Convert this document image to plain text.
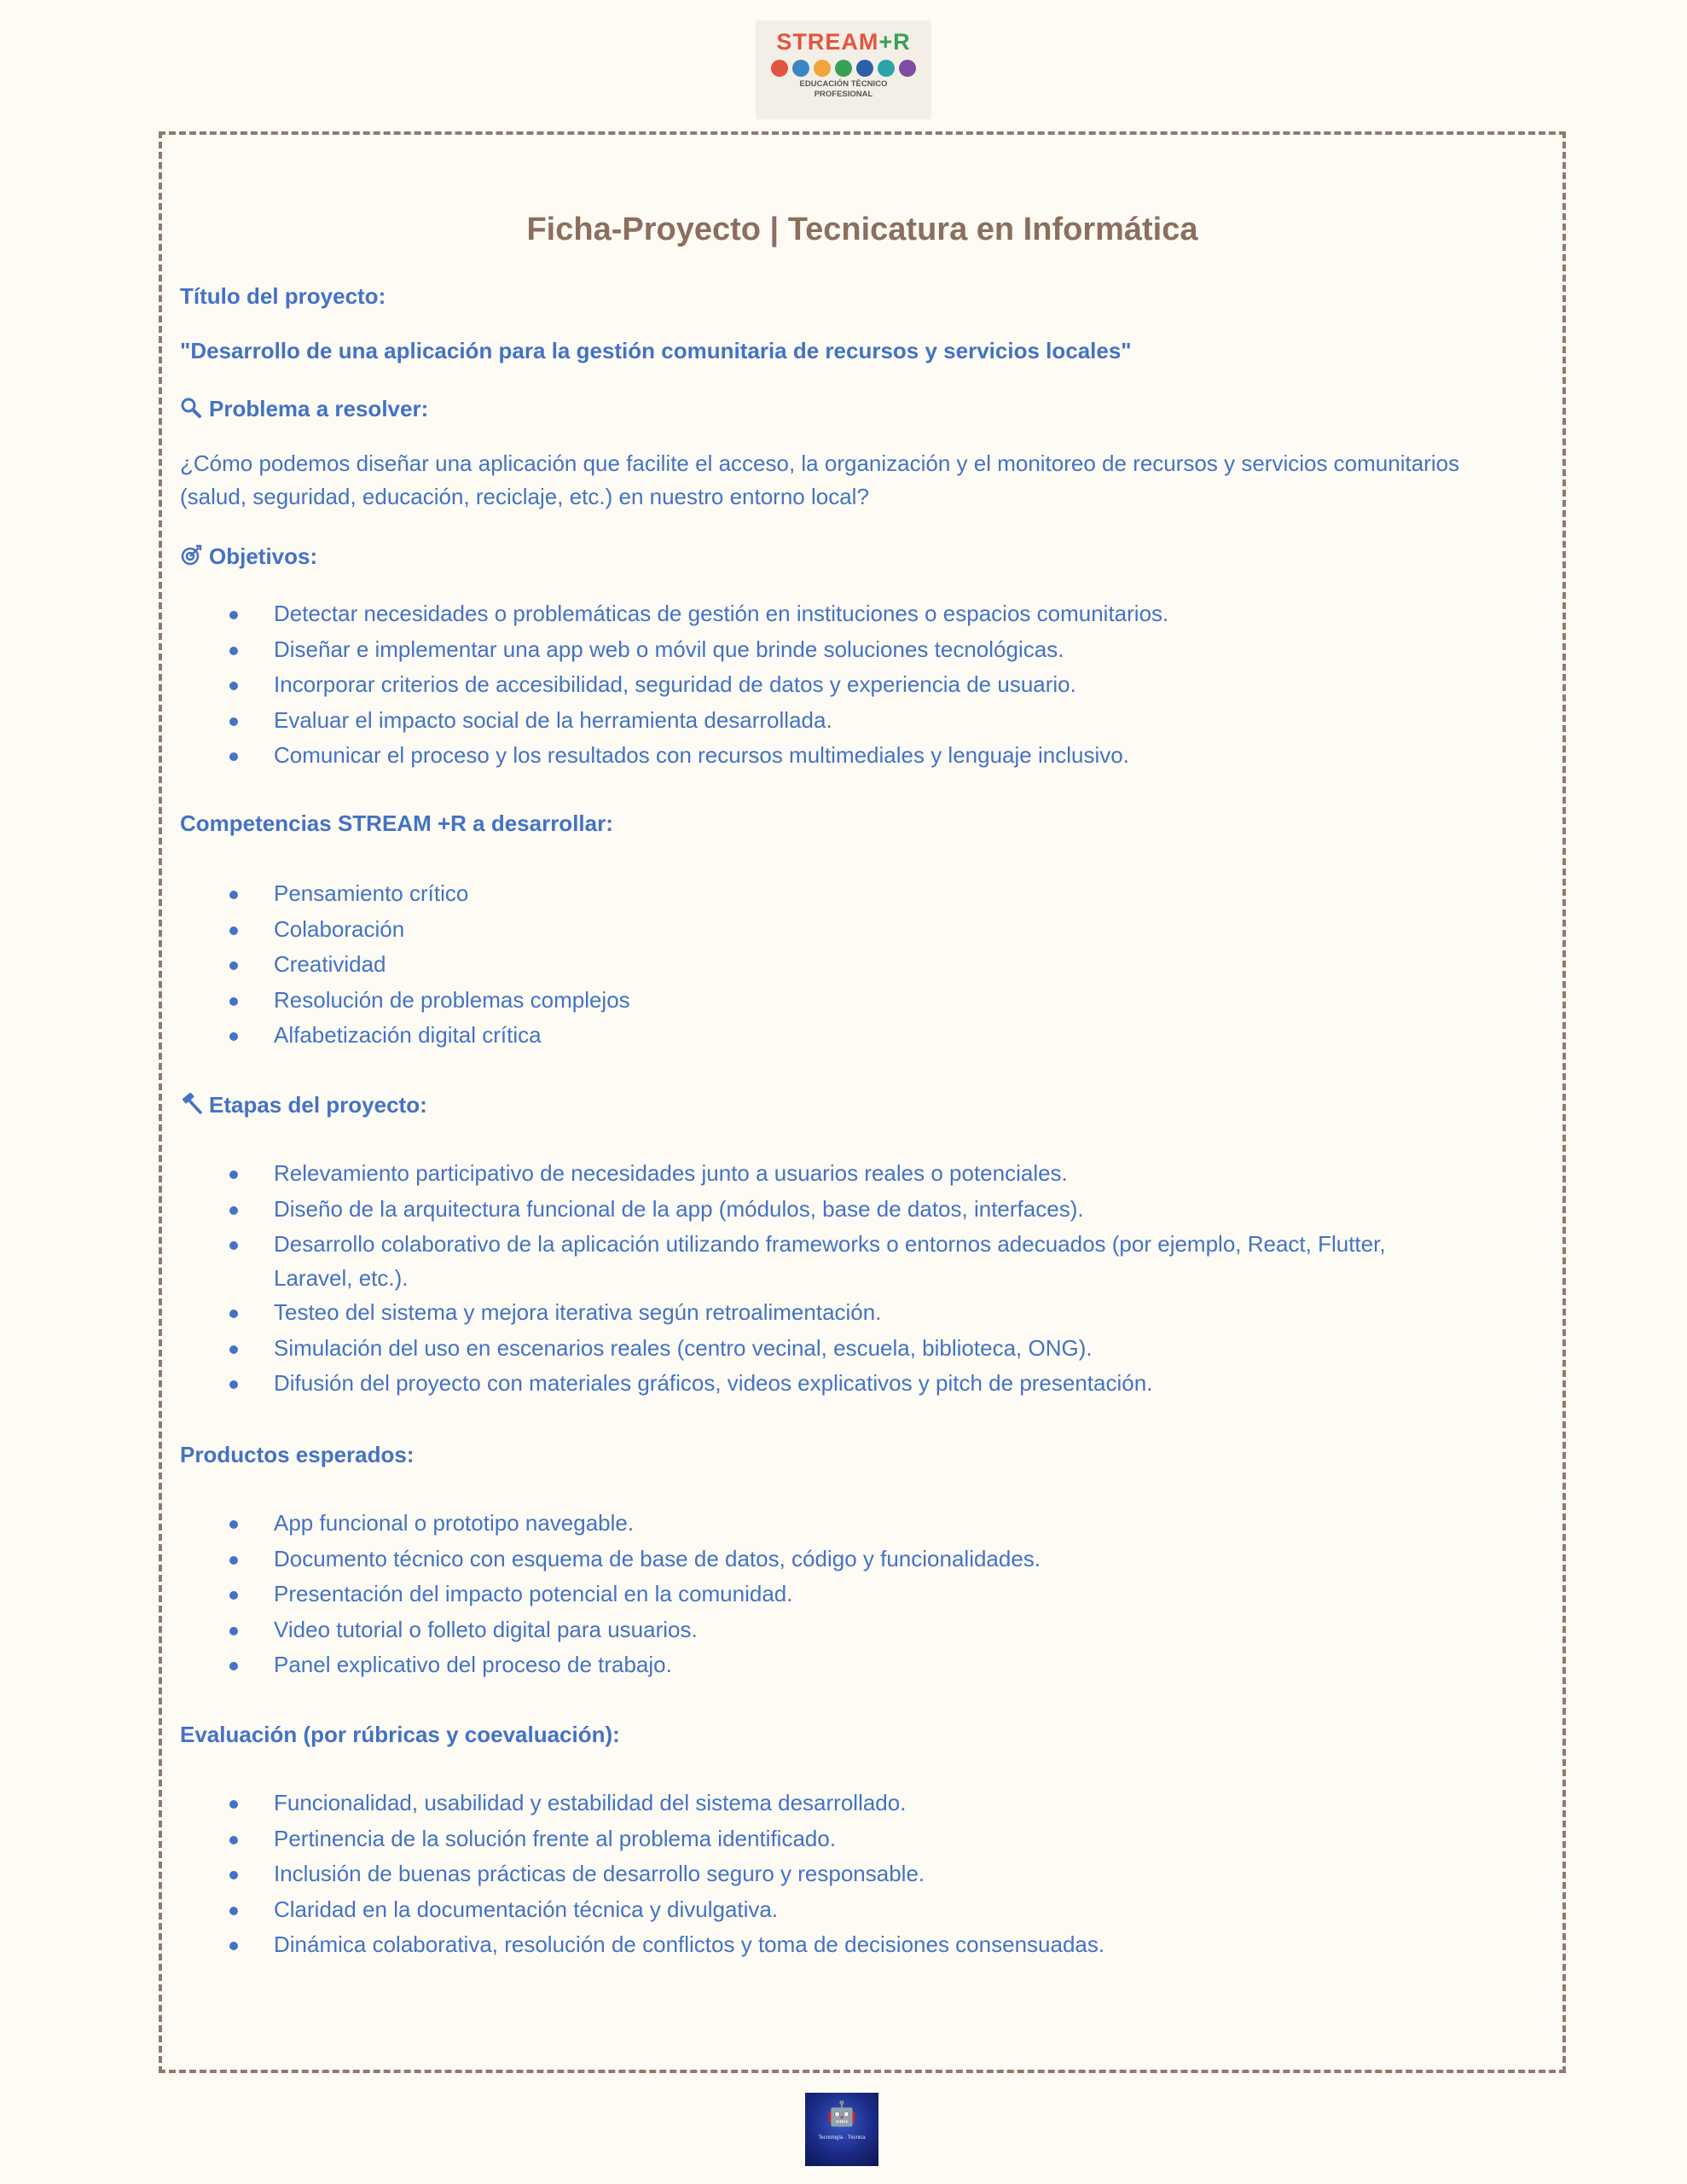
STREAM+R
EDUCACIÓN TÉCNICO
PROFESIONAL
Ficha-Proyecto | Tecnicatura en Informática
Título del proyecto:
"Desarrollo de una aplicación para la gestión comunitaria de recursos y servicios locales"
Problema a resolver:
¿Cómo podemos diseñar una aplicación que facilite el acceso, la organización y el monitoreo de recursos y servicios comunitarios
(salud, seguridad, educación, reciclaje, etc.) en nuestro entorno local?
Objetivos:
Detectar necesidades o problemáticas de gestión en instituciones o espacios comunitarios.
Diseñar e implementar una app web o móvil que brinde soluciones tecnológicas.
Incorporar criterios de accesibilidad, seguridad de datos y experiencia de usuario.
Evaluar el impacto social de la herramienta desarrollada.
Comunicar el proceso y los resultados con recursos multimediales y lenguaje inclusivo.
Competencias STREAM +R a desarrollar:
Pensamiento crítico
Colaboración
Creatividad
Resolución de problemas complejos
Alfabetización digital crítica
Etapas del proyecto:
Relevamiento participativo de necesidades junto a usuarios reales o potenciales.
Diseño de la arquitectura funcional de la app (módulos, base de datos, interfaces).
Desarrollo colaborativo de la aplicación utilizando frameworks o entornos adecuados (por ejemplo, React, Flutter, Laravel, etc.).
Testeo del sistema y mejora iterativa según retroalimentación.
Simulación del uso en escenarios reales (centro vecinal, escuela, biblioteca, ONG).
Difusión del proyecto con materiales gráficos, videos explicativos y pitch de presentación.
Productos esperados:
App funcional o prototipo navegable.
Documento técnico con esquema de base de datos, código y funcionalidades.
Presentación del impacto potencial en la comunidad.
Video tutorial o folleto digital para usuarios.
Panel explicativo del proceso de trabajo.
Evaluación (por rúbricas y coevaluación):
Funcionalidad, usabilidad y estabilidad del sistema desarrollado.
Pertinencia de la solución frente al problema identificado.
Inclusión de buenas prácticas de desarrollo seguro y responsable.
Claridad en la documentación técnica y divulgativa.
Dinámica colaborativa, resolución de conflictos y toma de decisiones consensuadas.
🤖
Tecnología · Técnica
